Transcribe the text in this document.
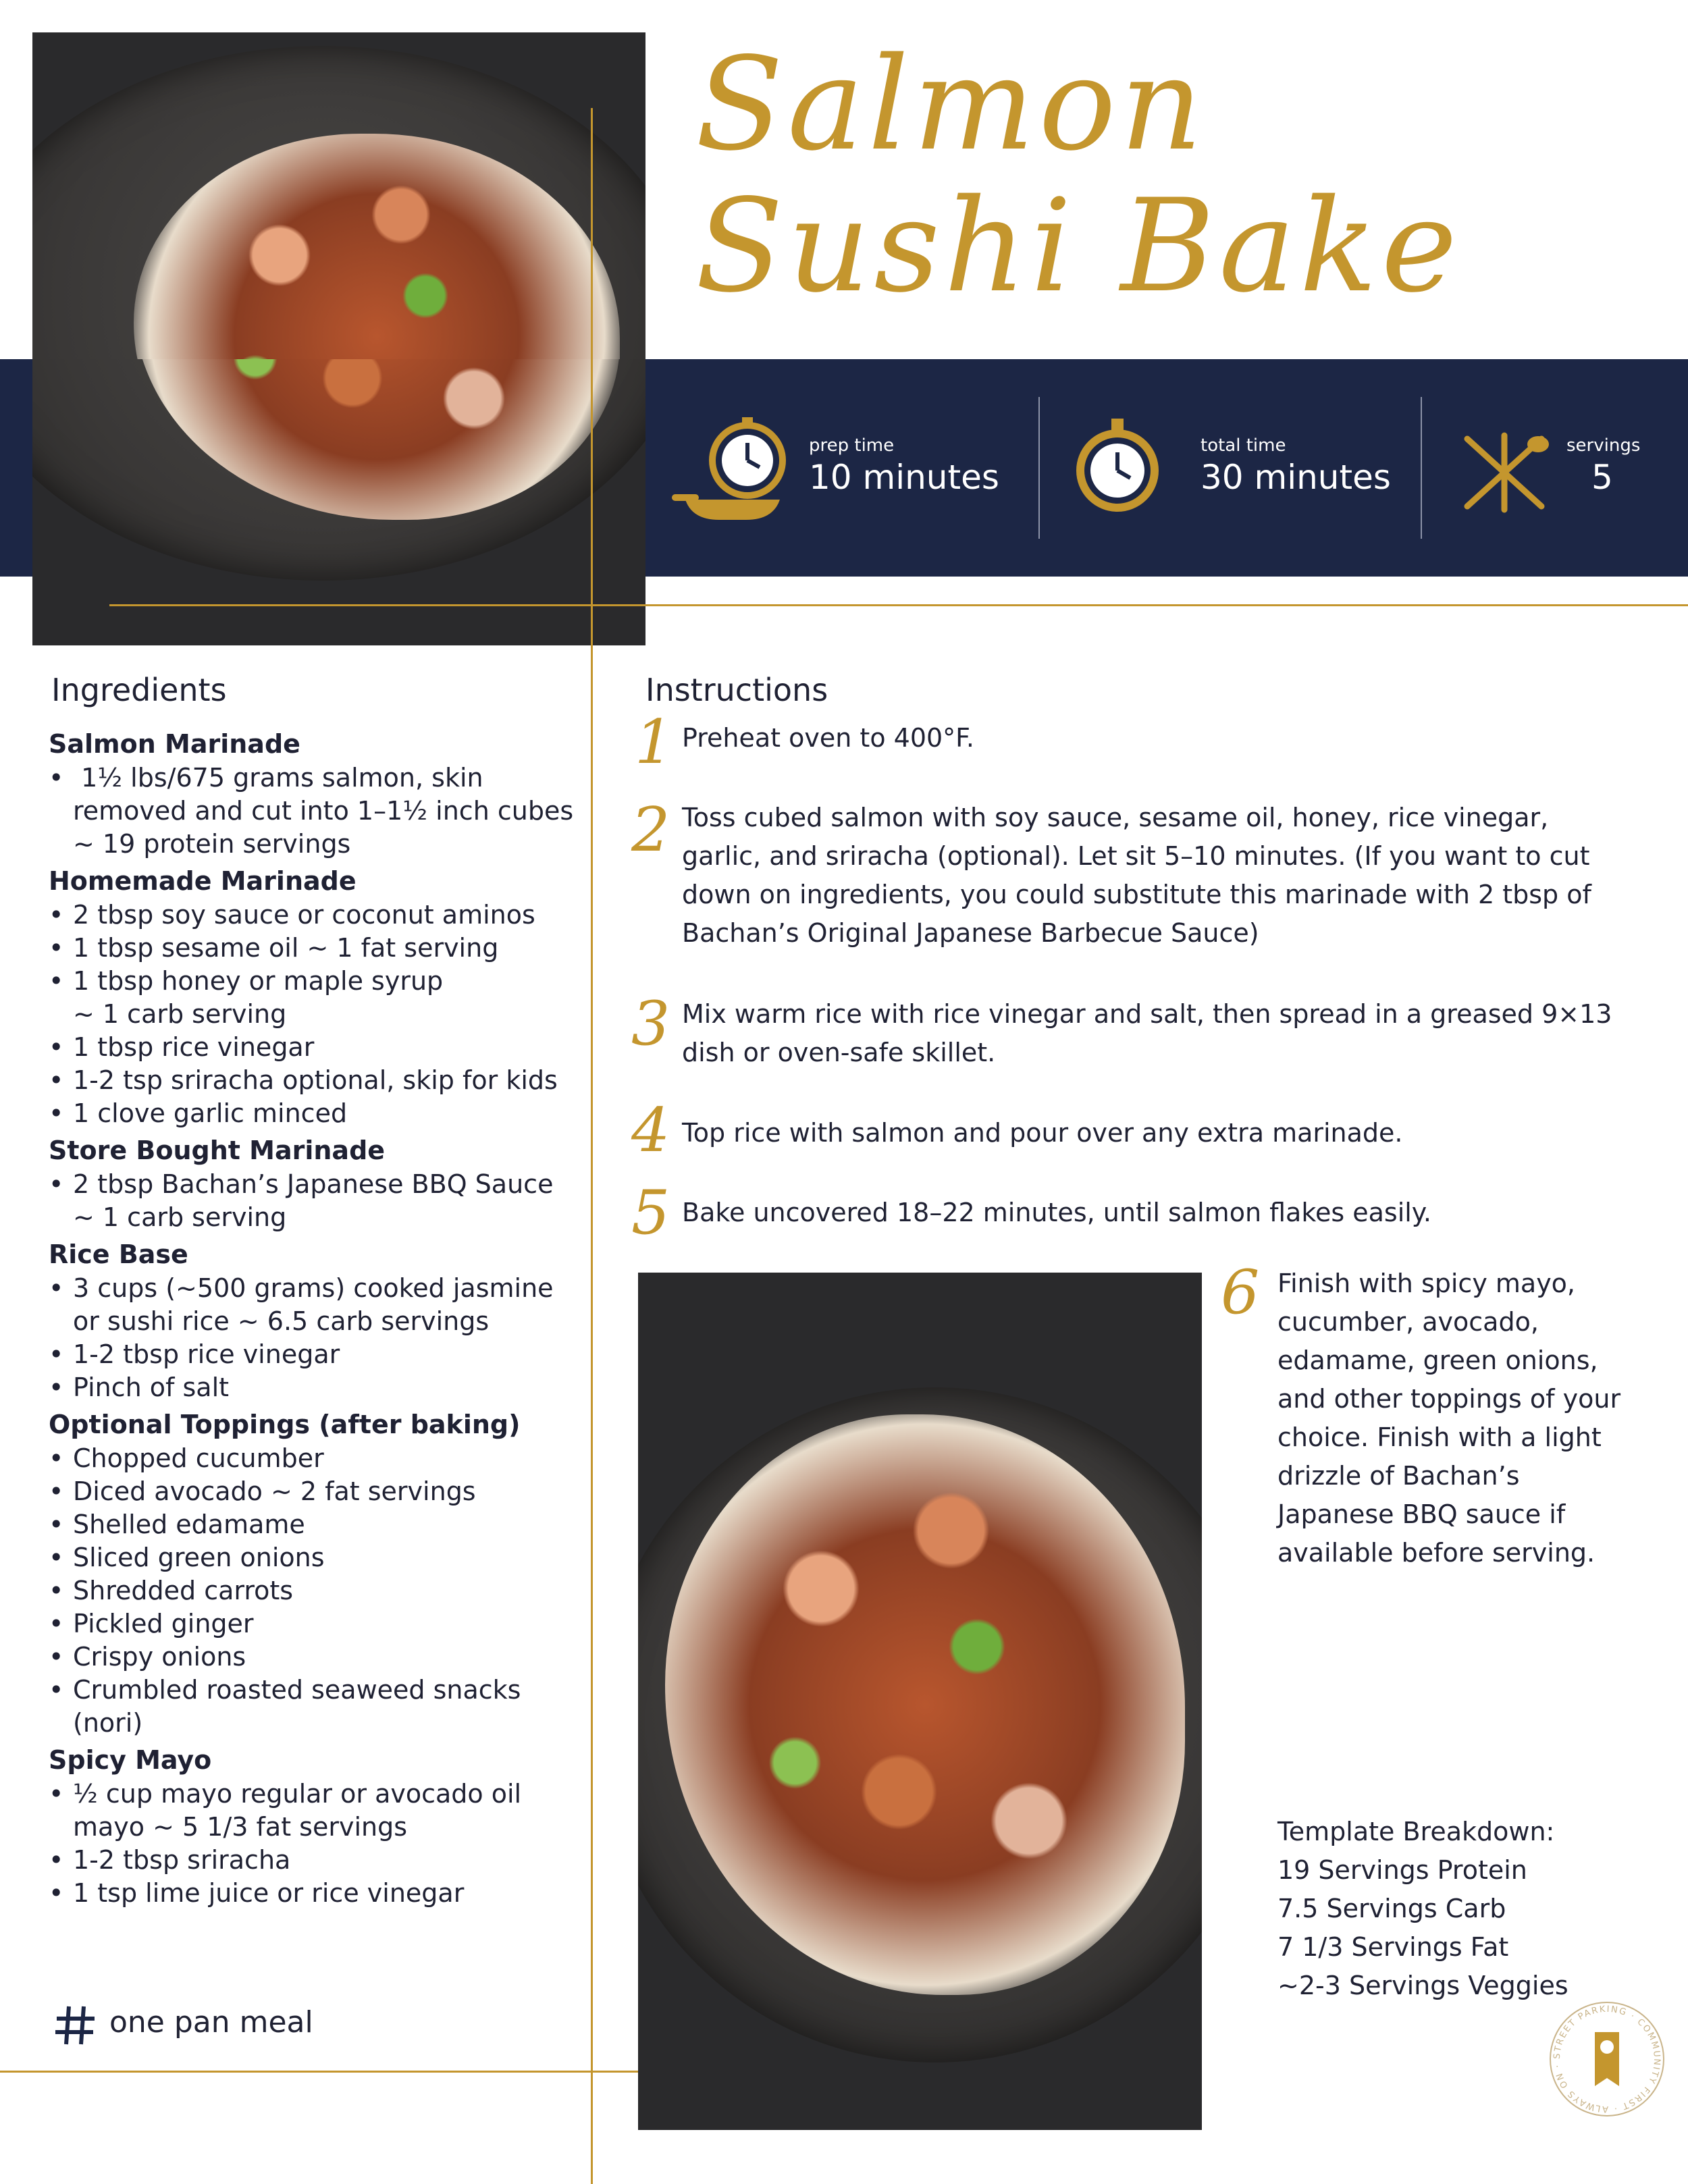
Salmon
Sushi Bake
prep time
10 minutes
total time
30 minutes
servings
5
Ingredients
Salmon Marinade
• 1½ lbs/675 grams salmon, skin
removed and cut into 1–1½ inch cubes
~ 19 protein servings
Homemade Marinade
• 2 tbsp soy sauce or coconut aminos
• 1 tbsp sesame oil ~ 1 fat serving
• 1 tbsp honey or maple syrup
~ 1 carb serving
• 1 tbsp rice vinegar
• 1-2 tsp sriracha optional, skip for kids
• 1 clove garlic minced
Store Bought Marinade
• 2 tbsp Bachan’s Japanese BBQ Sauce
~ 1 carb serving
Rice Base
• 3 cups (~500 grams) cooked jasmine
or sushi rice ~ 6.5 carb servings
• 1-2 tbsp rice vinegar
• Pinch of salt
Optional Toppings (after baking)
• Chopped cucumber
• Diced avocado ~ 2 fat servings
• Shelled edamame
• Sliced green onions
• Shredded carrots
• Pickled ginger
• Crispy onions
• Crumbled roasted seaweed snacks
(nori)
Spicy Mayo
• ½ cup mayo regular or avocado oil
mayo ~ 5 1/3 fat servings
• 1-2 tbsp sriracha
• 1 tsp lime juice or rice vinegar
one pan meal
Instructions
1 Preheat oven to 400°F.
2 Toss cubed salmon with soy sauce, sesame oil, honey, rice vinegar,
garlic, and sriracha (optional). Let sit 5–10 minutes. (If you want to cut
down on ingredients, you could substitute this marinade with 2 tbsp of
Bachan’s Original Japanese Barbecue Sauce)
3 Mix warm rice with rice vinegar and salt, then spread in a greased 9×13
dish or oven-safe skillet.
4 Top rice with salmon and pour over any extra marinade.
5 Bake uncovered 18–22 minutes, until salmon flakes easily.
6 Finish with spicy mayo,
cucumber, avocado,
edamame, green onions,
and other toppings of your
choice. Finish with a light
drizzle of Bachan’s
Japanese BBQ sauce if
available before serving.
Template Breakdown:
19 Servings Protein
7.5 Servings Carb
7 1/3 Servings Fat
~2-3 Servings Veggies
STREET PARKING · COMMUNITY FIRST · ALWAYS ON ·
